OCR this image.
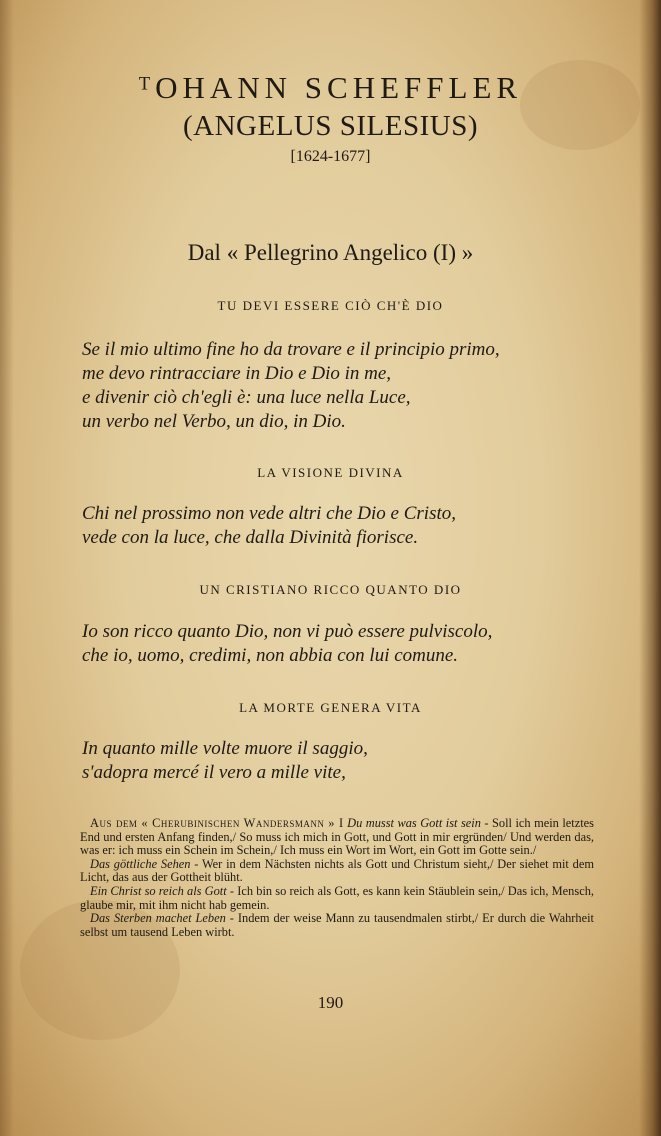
ᵀOHANN SCHEFFLER
(ANGELUS SILESIUS)
[1624-1677]
Dal « Pellegrino Angelico (I) »
TU DEVI ESSERE CIÒ CH'È DIO
Se il mio ultimo fine ho da trovare e il principio primo,
me devo rintracciare in Dio e Dio in me,
e divenir ciò ch'egli è: una luce nella Luce,
un verbo nel Verbo, un dio, in Dio.
LA VISIONE DIVINA
Chi nel prossimo non vede altri che Dio e Cristo,
vede con la luce, che dalla Divinità fiorisce.
UN CRISTIANO RICCO QUANTO DIO
Io son ricco quanto Dio, non vi può essere pulviscolo,
che io, uomo, credimi, non abbia con lui comune.
LA MORTE GENERA VITA
In quanto mille volte muore il saggio,
s'adopra mercé il vero a mille vite,

Aus dem « Cherubinischen Wandersmann » I Du musst was Gott ist sein - Soll ich mein letztes End und ersten Anfang finden,/ So muss ich mich in Gott, und Gott in mir ergründen/ Und werden das, was er: ich muss ein Schein im Schein,/ Ich muss ein Wort im Wort, ein Gott im Gotte sein./

Das göttliche Sehen - Wer in dem Nächsten nichts als Gott und Christum sieht,/ Der siehet mit dem Licht, das aus der Gottheit blüht.

Ein Christ so reich als Gott - Ich bin so reich als Gott, es kann kein Stäublein sein,/ Das ich, Mensch, glaube mir, mit ihm nicht hab gemein.

Das Sterben machet Leben - Indem der weise Mann zu tausendmalen stirbt,/ Er durch die Wahrheit selbst um tausend Leben wirbt.

190
